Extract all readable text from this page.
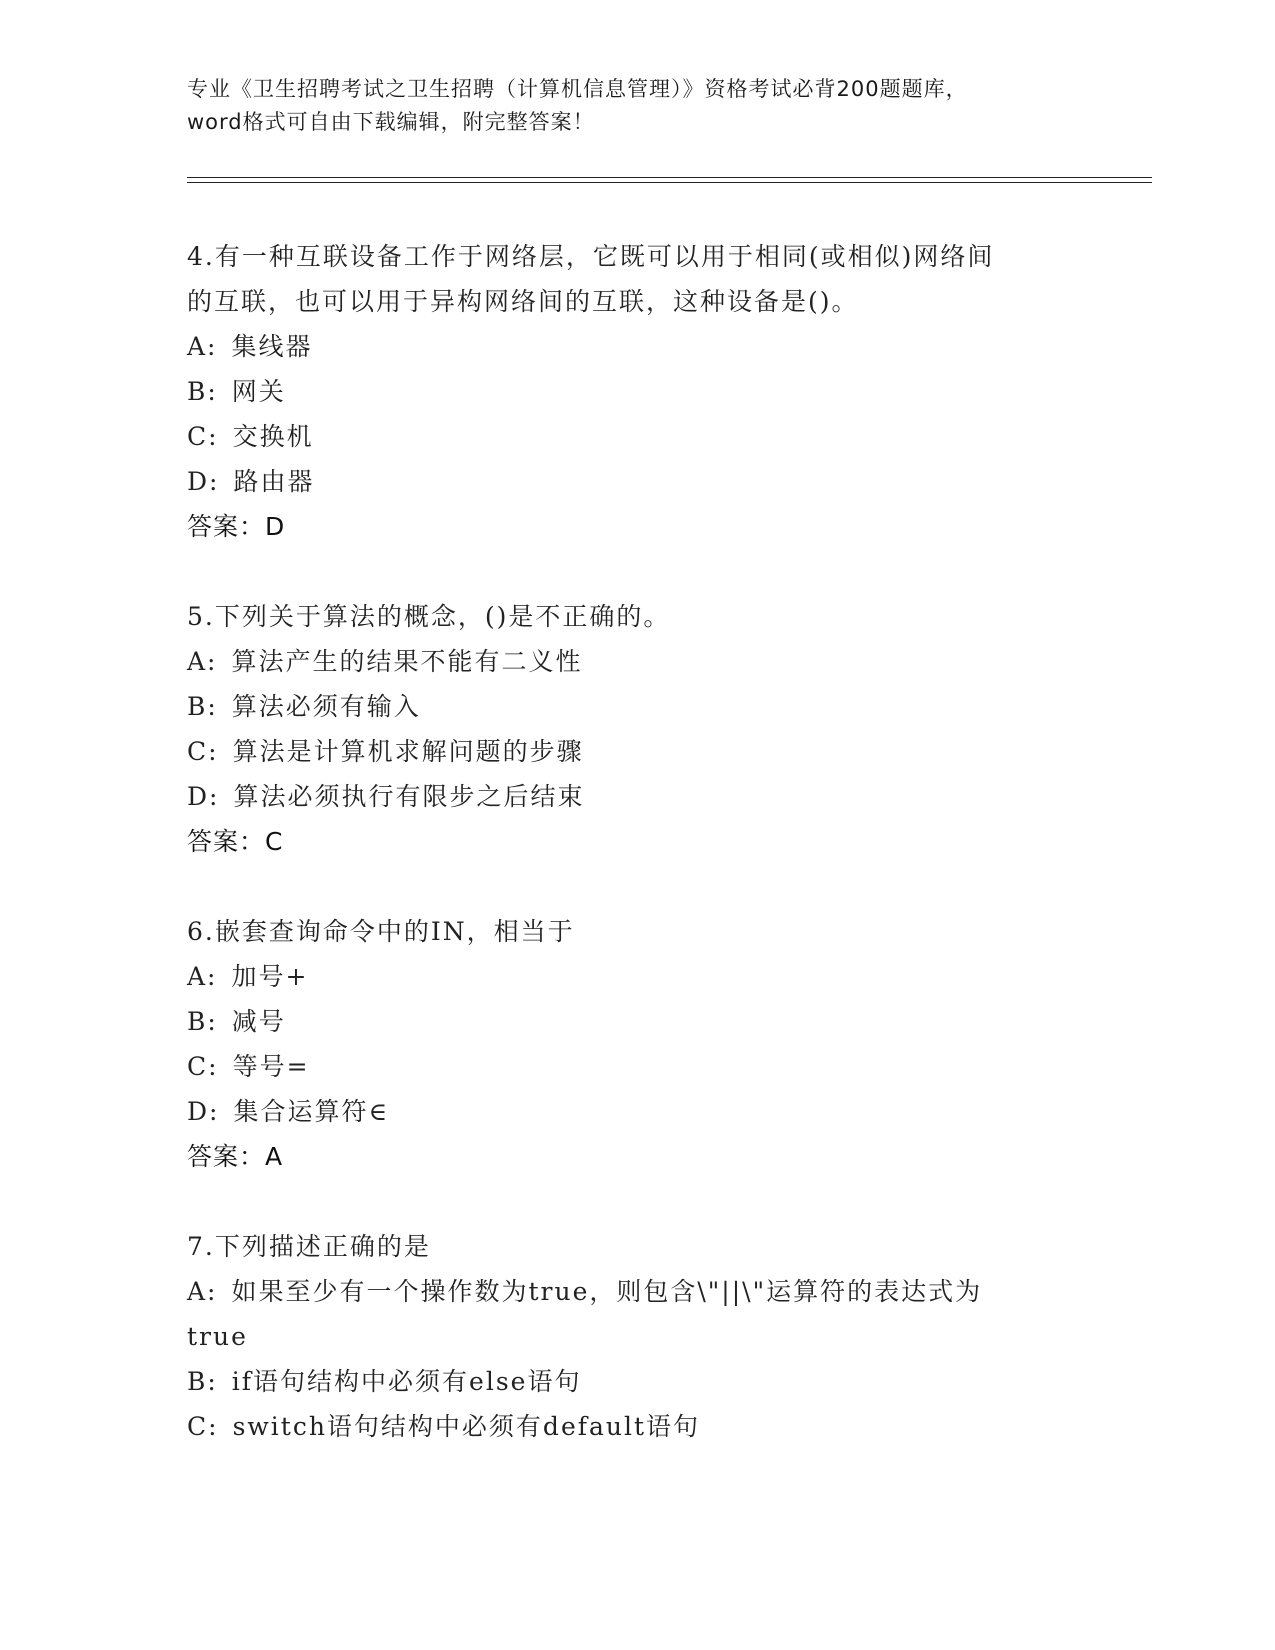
专业《卫生招聘考试之卫生招聘（计算机信息管理）》资格考试必背200题题库，
word格式可自由下载编辑，附完整答案！
4.有一种互联设备工作于网络层，它既可以用于相同(或相似)网络间
的互联，也可以用于异构网络间的互联，这种设备是()。
A: 集线器
B: 网关
C: 交换机
D: 路由器
答案：D
5.下列关于算法的概念，()是不正确的。
A: 算法产生的结果不能有二义性
B: 算法必须有输入
C: 算法是计算机求解问题的步骤
D: 算法必须执行有限步之后结束
答案：C
6.嵌套查询命令中的IN，相当于
A: 加号+
B: 减号
C: 等号=
D: 集合运算符∈
答案：A
7.下列描述正确的是
A: 如果至少有一个操作数为true，则包含\"||\"运算符的表达式为
true
B: if语句结构中必须有else语句
C: switch语句结构中必须有default语句
